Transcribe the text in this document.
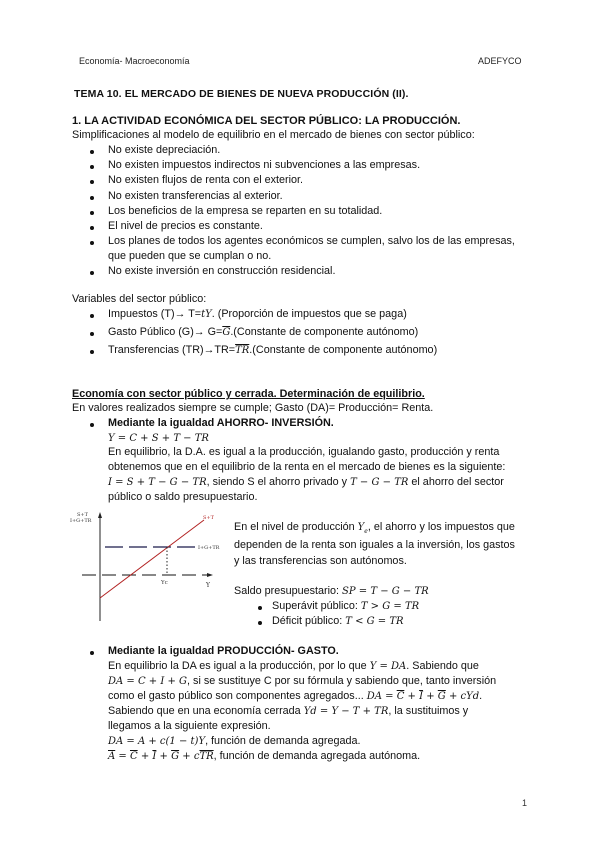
Economía- Macroeconomía	ADEFYCO
TEMA 10. EL MERCADO DE BIENES DE NUEVA PRODUCCIÓN (II).
1. LA ACTIVIDAD ECONÓMICA DEL SECTOR PÚBLICO: LA PRODUCCIÓN.
Simplificaciones al modelo de equilibrio en el mercado de bienes con sector público:
No existe depreciación.
No existen impuestos indirectos ni subvenciones a las empresas.
No existen flujos de renta con el exterior.
No existen transferencias al exterior.
Los beneficios de la empresa se reparten en su totalidad.
El nivel de precios es constante.
Los planes de todos los agentes económicos se cumplen, salvo los de las empresas,
que pueden que se cumplan o no.
No existe inversión en construcción residencial.
Variables del sector público:
Impuestos (T)→ T=tY. (Proporción de impuestos que se paga)
Gasto Público $(G)\to G=\overline{G}.(Constante$ de componente autónomo)
Transferencias $(TR)\to TR=\overline{TR}.(Constante$ de componente autónomo)
Economía con sector público y cerrada. Determinación de equilibrio.
En valores realizados siempre se cumple; Gasto (DA)= Producción= Renta.
Mediante la igualdad AHORRO- INVERSIÓN.
Y = C + S + T − TR
En equilibrio, la D.A. es igual a la producción, igualando gasto, producción y renta
obtenemos que en el equilibrio de la renta en el mercado de bienes es la siguiente:
I = S + T − G − TR, siendo S el ahorro privado y T − G − TR el ahorro del sector
público o saldo presupuestario.
S+T
I+G+TR
Y
I+G+TR
S+T
Yc
En el nivel de producción $Y_e$, el ahorro y los impuestos que
dependen de la renta son iguales a la inversión, los gastos
y las transferencias son autónomos.
Saldo presupuestario: SP = T − G − TR
Superávit público: T > G = TR
Déficit público: T < G = TR
Mediante la igualdad PRODUCCIÓN- GASTO.
En equilibrio la DA es igual a la producción, por lo que Y = DA. Sabiendo que
DA = C + I + G, si se sustituye C por su fórmula y sabiendo que, tanto inversión
como el gasto público son componentes agregados... DA = $\overline{C} + \overline{I} + \overline{G}$ + cYd.
Sabiendo que en una economía cerrada Yd = Y − T + TR, la sustituimos y
llegamos a la siguiente expresión.
DA = A + c(1 − t)Y, función de demanda agregada.
$\overline{A} = \overline{C} + \overline{I} + \overline{G} + c\overline{TR}$, función de demanda agregada autónoma.
1
